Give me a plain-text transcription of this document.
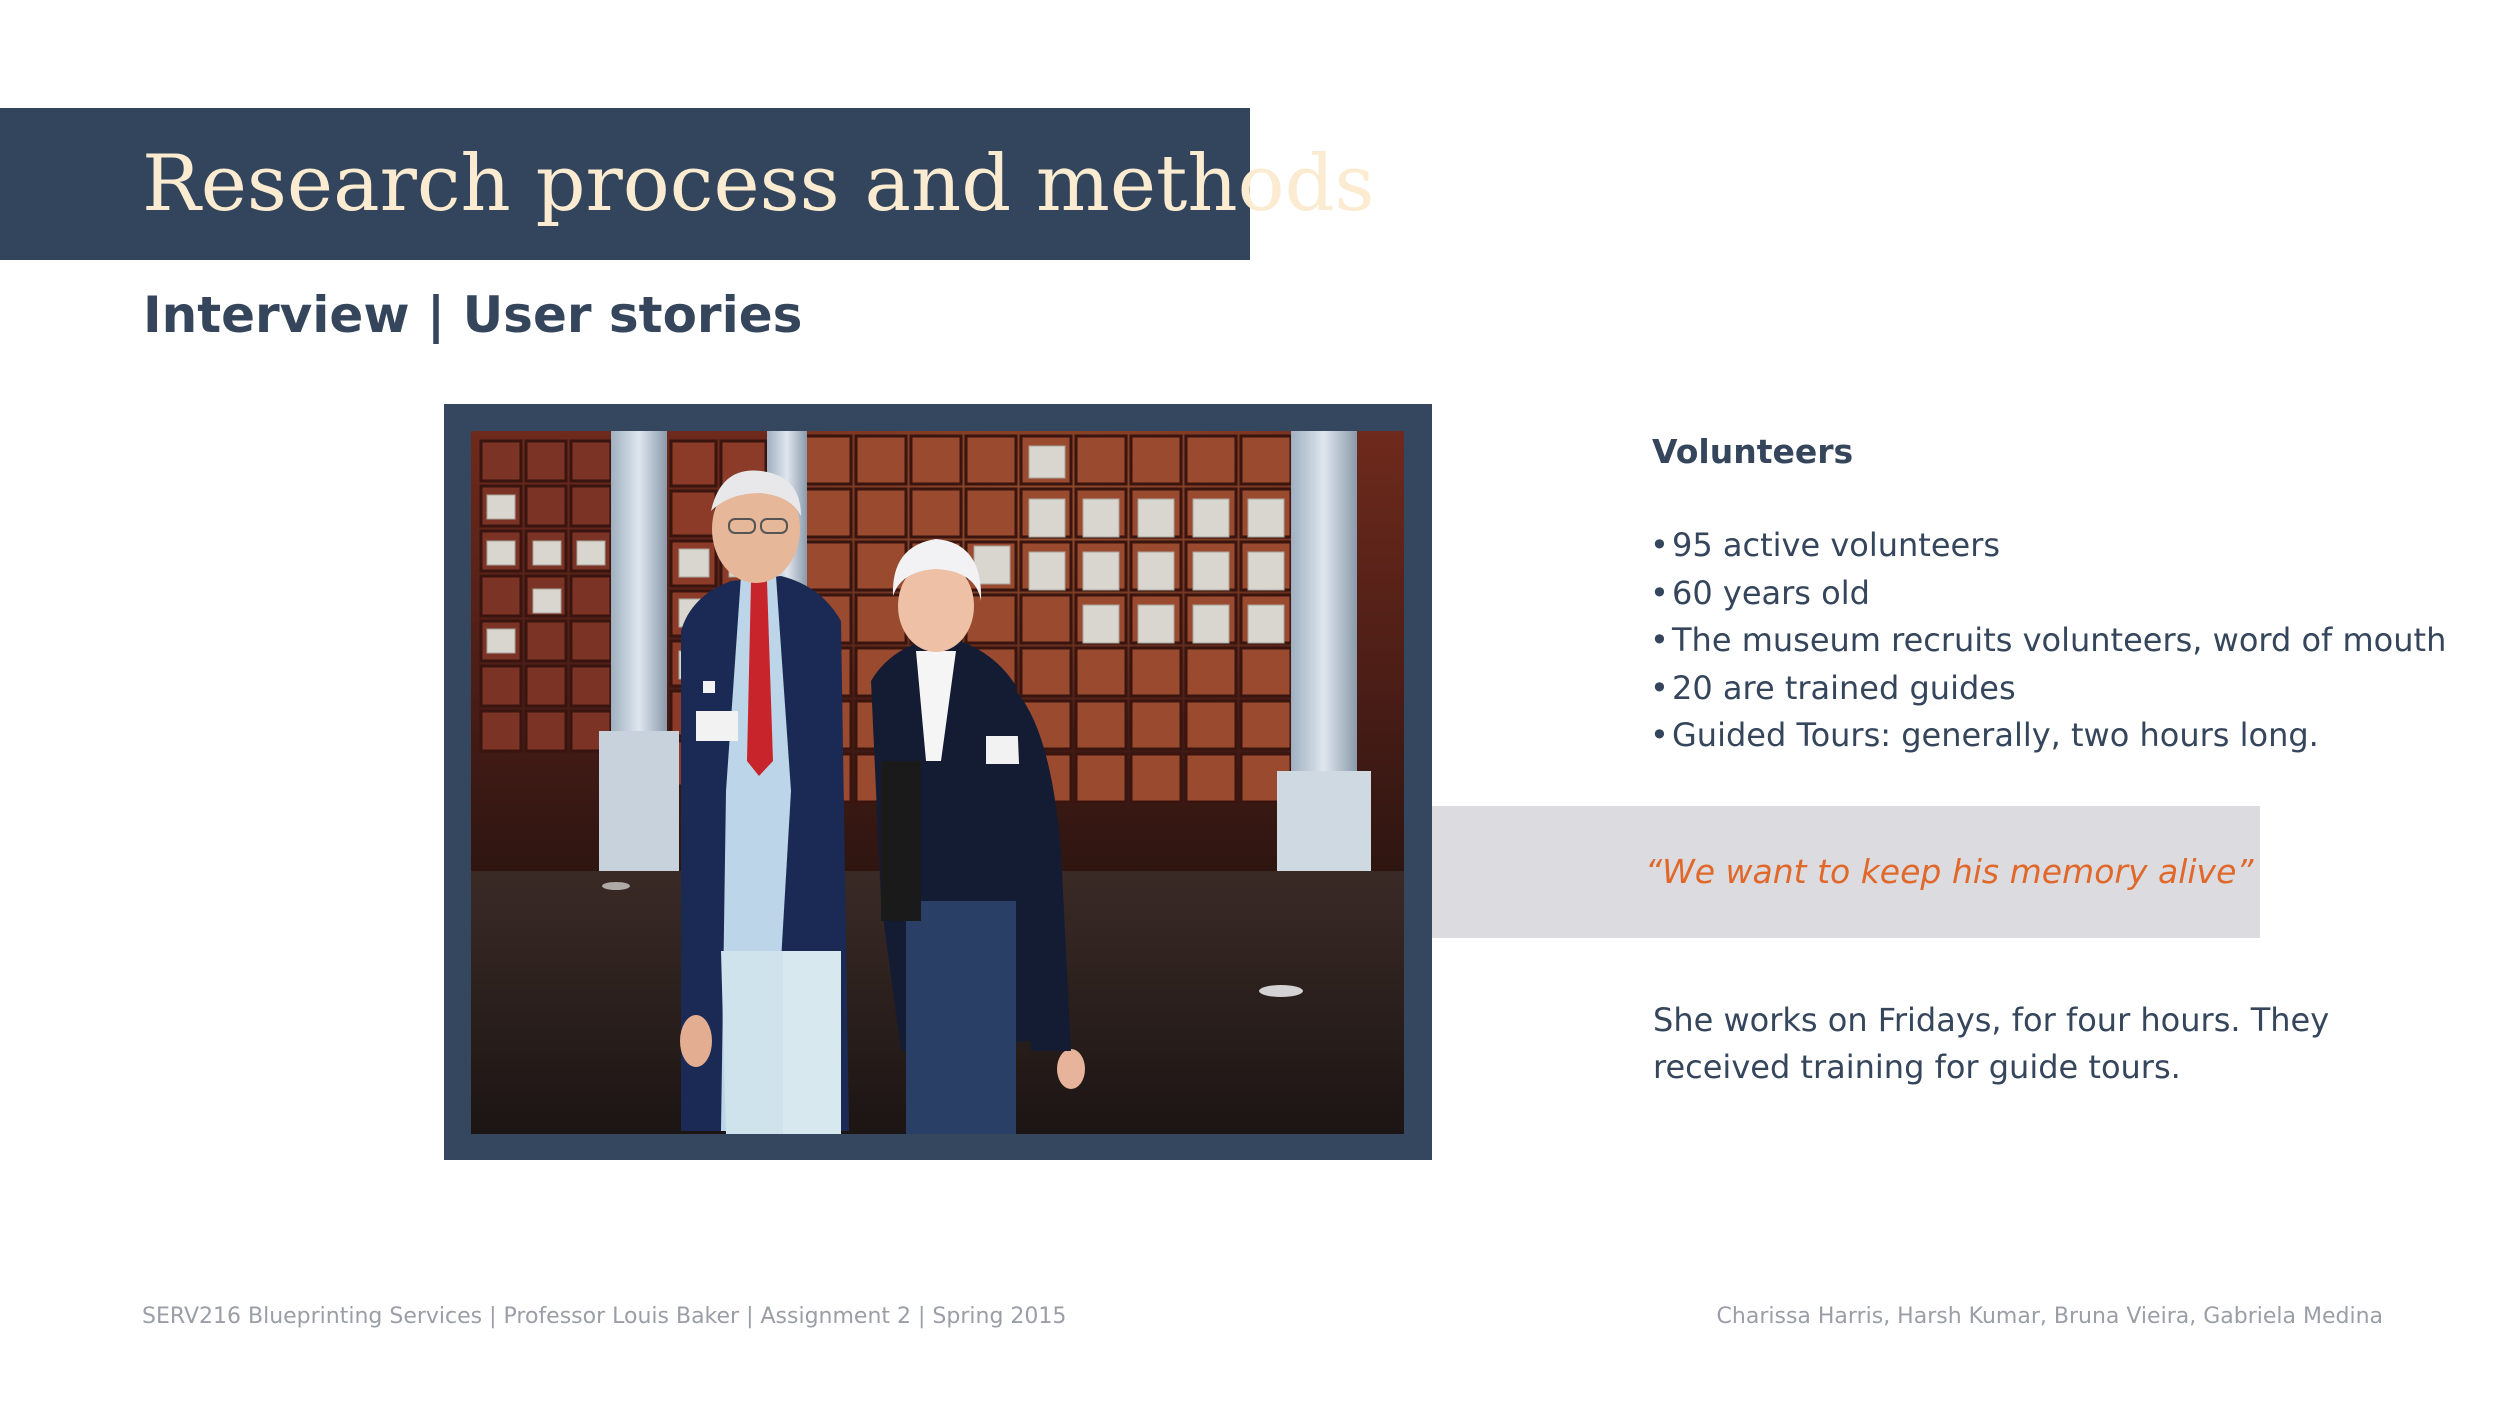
Research process and methods
Interview | User stories
Volunteers
•95 active volunteers
•60 years old
•The museum recruits volunteers, word of mouth
•20 are trained guides
•Guided Tours: generally, two hours long.
“We want to keep his memory alive”
She works on Fridays, for four hours. They received training for guide tours.
SERV216 Blueprinting Services | Professor Louis Baker | Assignment 2 | Spring 2015	Charissa Harris, Harsh Kumar, Bruna Vieira, Gabriela Medina
